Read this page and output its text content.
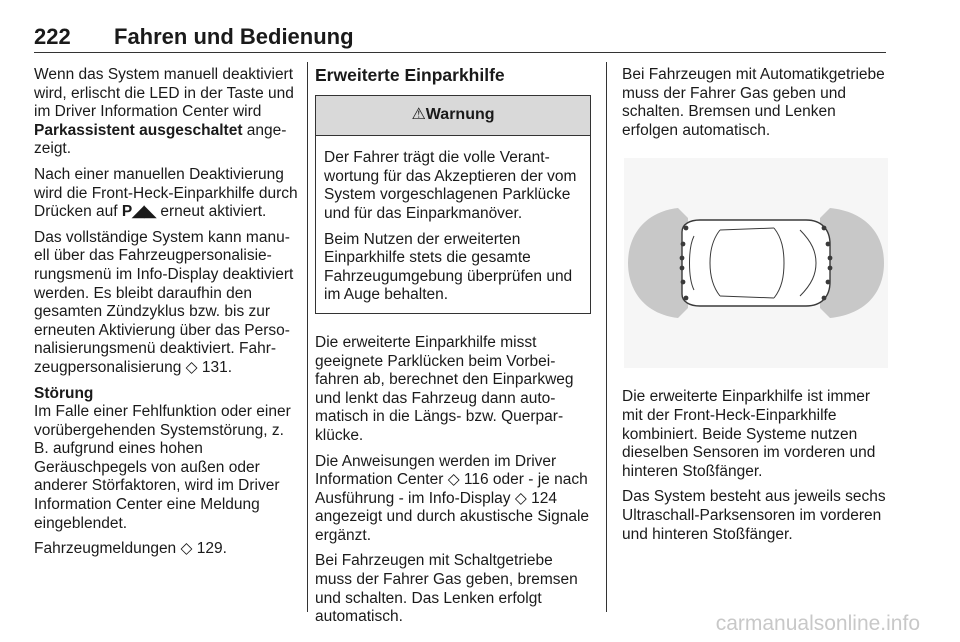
222 Fahren und Bedienung

Wenn das System manuell deaktiviert wird, erlischt die LED in der Taste und im Driver Information Center wird Parkassistent ausgeschaltet angezeigt.

Nach einer manuellen Deaktivierung wird die Front-Heck-Einparkhilfe durch Drücken auf P◢◣ erneut aktiviert.

Das vollständige System kann manuell über das Fahrzeugpersonalisierungsmenü im Info-Display deaktiviert werden. Es bleibt daraufhin den gesamten Zündzyklus bzw. bis zur erneuten Aktivierung über das Personalisierungsmenü deaktiviert. Fahrzeugpersonalisierung ◇ 131.

Störung

Im Falle einer Fehlfunktion oder einer vorübergehenden Systemstörung, z. B. aufgrund eines hohen Geräuschpegels von außen oder anderer Störfaktoren, wird im Driver Information Center eine Meldung eingeblendet.

Fahrzeugmeldungen ◇ 129.

Erweiterte Einparkhilfe
⚠Warnung

Der Fahrer trägt die volle Verantwortung für das Akzeptieren der vom System vorgeschlagenen Parklücke und für das Einparkmanöver.

Beim Nutzen der erweiterten Einparkhilfe stets die gesamte Fahrzeugumgebung überprüfen und im Auge behalten.

Die erweiterte Einparkhilfe misst geeignete Parklücken beim Vorbeifahren ab, berechnet den Einparkweg und lenkt das Fahrzeug dann automatisch in die Längs- bzw. Querparklücke.

Die Anweisungen werden im Driver Information Center ◇ 116 oder - je nach Ausführung - im Info-Display ◇ 124 angezeigt und durch akustische Signale ergänzt.

Bei Fahrzeugen mit Schaltgetriebe muss der Fahrer Gas geben, bremsen und schalten. Das Lenken erfolgt automatisch.

Bei Fahrzeugen mit Automatikgetriebe muss der Fahrer Gas geben und schalten. Bremsen und Lenken erfolgen automatisch.

Die erweiterte Einparkhilfe ist immer mit der Front-Heck-Einparkhilfe kombiniert. Beide Systeme nutzen dieselben Sensoren im vorderen und hinteren Stoßfänger.

Das System besteht aus jeweils sechs Ultraschall-Parksensoren im vorderen und hinteren Stoßfänger.

carmanualsonline.info
